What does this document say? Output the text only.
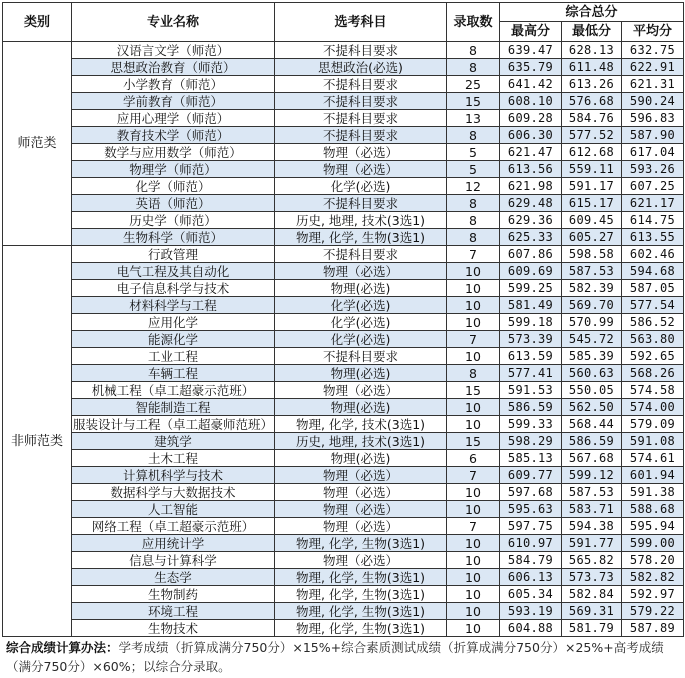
类别	专业名称	选考科目	录取数	综合总分		
				最高分	最低分	平均分
师范类	汉语言文学（师范）	不提科目要求	8	639.47	628.13	632.75
	思想政治教育（师范）	思想政治(必选)	8	635.79	611.48	622.91
	小学教育（师范）	不提科目要求	25	641.42	613.26	621.31
	学前教育（师范）	不提科目要求	15	608.10	576.68	590.24
	应用心理学（师范）	不提科目要求	13	609.28	584.76	596.83
	教育技术学（师范）	不提科目要求	8	606.30	577.52	587.90
	数学与应用数学（师范）	物理（必选）	5	621.47	612.68	617.04
	物理学（师范）	物理（必选）	5	613.56	559.11	593.26
	化学（师范）	化学(必选)	12	621.98	591.17	607.25
	英语（师范）	不提科目要求	8	629.48	615.17	621.17
	历史学（师范）	历史, 地理, 技术(3选1)	8	629.36	609.45	614.75
	生物科学（师范）	物理, 化学, 生物(3选1)	8	625.33	605.27	613.55
非师范类	行政管理	不提科目要求	7	607.86	598.58	602.46
	电气工程及其自动化	物理（必选）	10	609.69	587.53	594.68
	电子信息科学与技术	物理(必选)	10	599.25	582.39	587.05
	材料科学与工程	化学(必选)	10	581.49	569.70	577.54
	应用化学	化学(必选)	10	599.18	570.99	586.52
	能源化学	化学(必选)	7	573.39	545.72	563.80
	工业工程	不提科目要求	10	613.59	585.39	592.65
	车辆工程	物理(必选)	8	577.41	560.63	568.26
	机械工程（卓工超豪示范班）	物理（必选）	15	591.53	550.05	574.58
	智能制造工程	物理(必选)	10	586.59	562.50	574.00
	服装设计与工程（卓工超豪师范班）	物理, 化学, 技术(3选1)	10	599.33	568.44	579.09
	建筑学	历史, 地理, 技术(3选1)	15	598.29	586.59	591.08
	土木工程	物理(必选)	6	585.13	567.68	574.61
	计算机科学与技术	物理（必选）	7	609.77	599.12	601.94
	数据科学与大数据技术	物理（必选）	10	597.68	587.53	591.38
	人工智能	物理（必选）	10	595.63	583.71	588.68
	网络工程（卓工超豪示范班）	物理（必选）	7	597.75	594.38	595.94
	应用统计学	物理, 化学, 生物(3选1)	10	610.97	591.77	599.00
	信息与计算科学	物理（必选）	10	584.79	565.82	578.20
	生态学	物理, 化学, 生物(3选1)	10	606.13	573.73	582.82
	生物制药	物理, 化学, 生物(3选1)	10	605.34	582.84	592.97
	环境工程	物理, 化学, 生物(3选1)	10	593.19	569.31	579.22
	生物技术	物理, 化学, 生物(3选1)	10	604.88	581.79	587.89
综合成绩计算办法：学考成绩（折算成满分750分）×15%+综合素质测试成绩（折算成满分750分）×25%+高考成绩（满分750分）×60%；以综合分录取。
